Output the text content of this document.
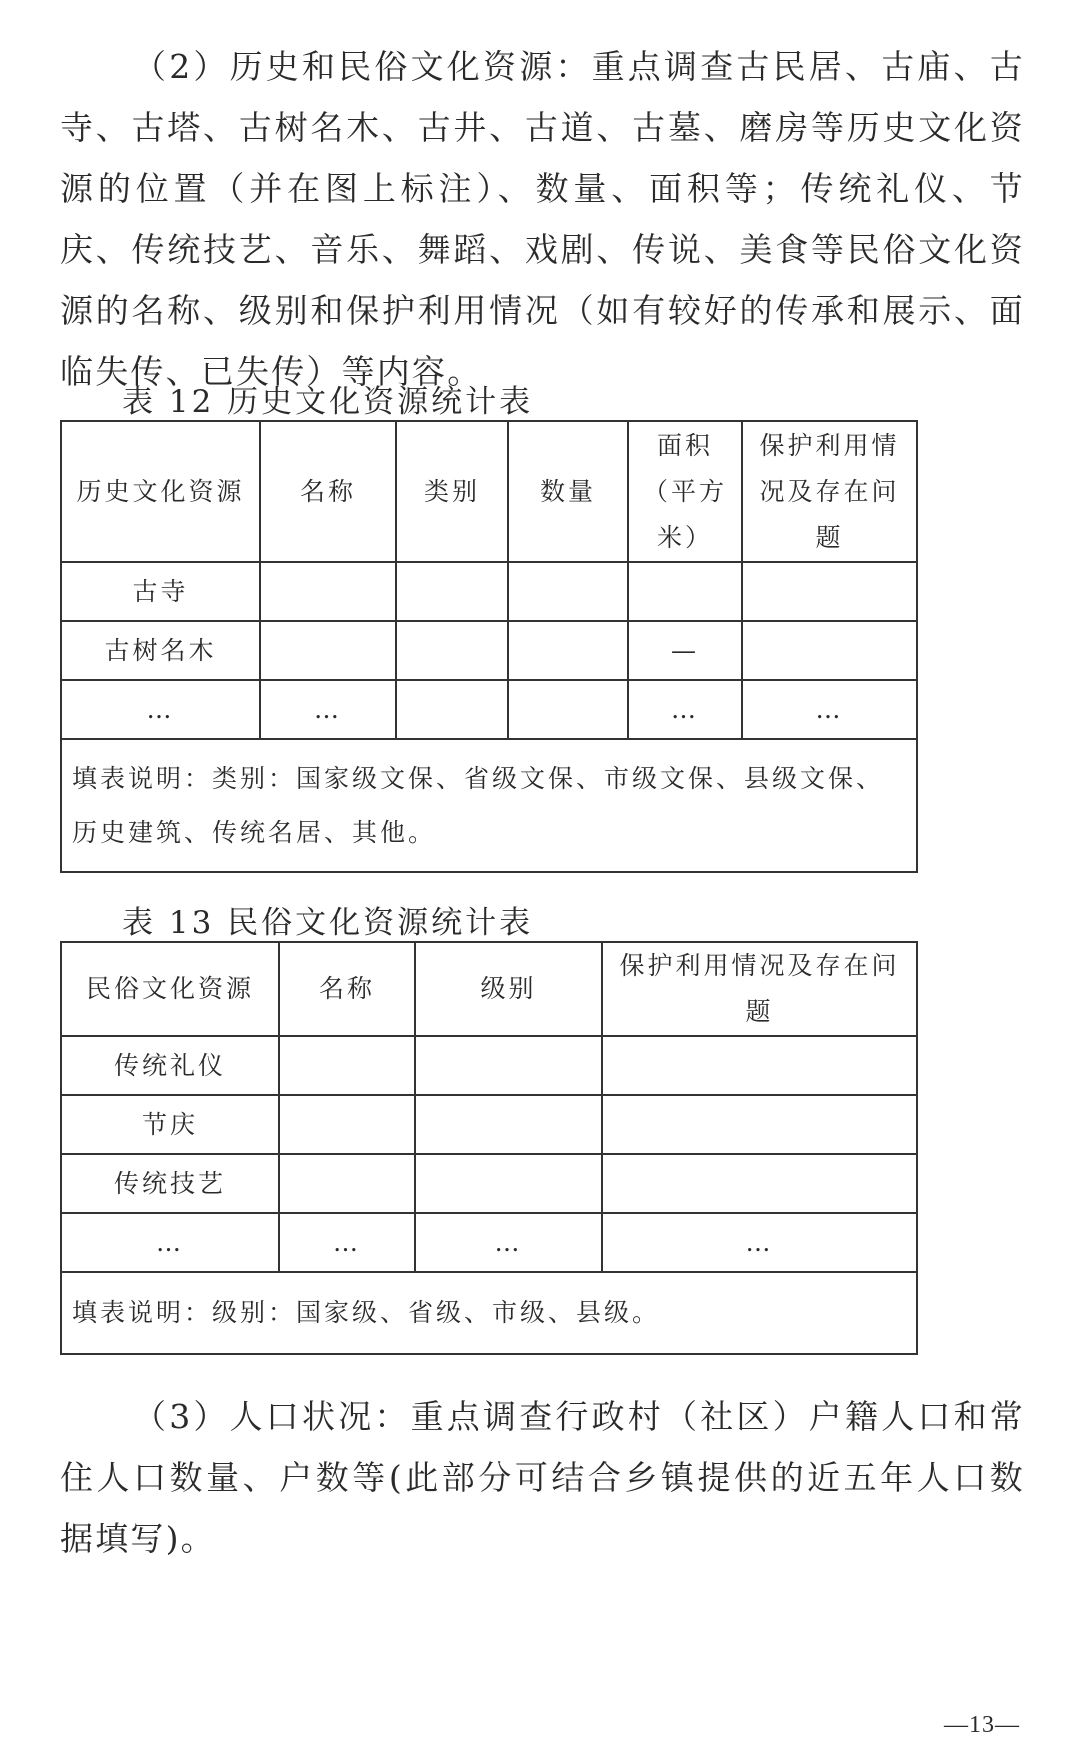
（2）历史和民俗文化资源：重点调查古民居、古庙、古寺、古塔、古树名木、古井、古道、古墓、磨房等历史文化资源的位置（并在图上标注）、数量、面积等；传统礼仪、节庆、传统技艺、音乐、舞蹈、戏剧、传说、美食等民俗文化资源的名称、级别和保护利用情况（如有较好的传承和展示、面临失传、已失传）等内容。

表 12 历史文化资源统计表

历史文化资源	名称	类别	数量	面积（平方米）	保护利用情况及存在问题
古寺					
古树名木				—	
…	…			…	…
填表说明：类别：国家级文保、省级文保、市级文保、县级文保、历史建筑、传统名居、其他。					

表 13 民俗文化资源统计表

民俗文化资源	名称	级别	保护利用情况及存在问题
传统礼仪			
节庆			
传统技艺			
…	…	…	…
填表说明：级别：国家级、省级、市级、县级。			

（3）人口状况：重点调查行政村（社区）户籍人口和常住人口数量、户数等(此部分可结合乡镇提供的近五年人口数据填写)。

—13—
